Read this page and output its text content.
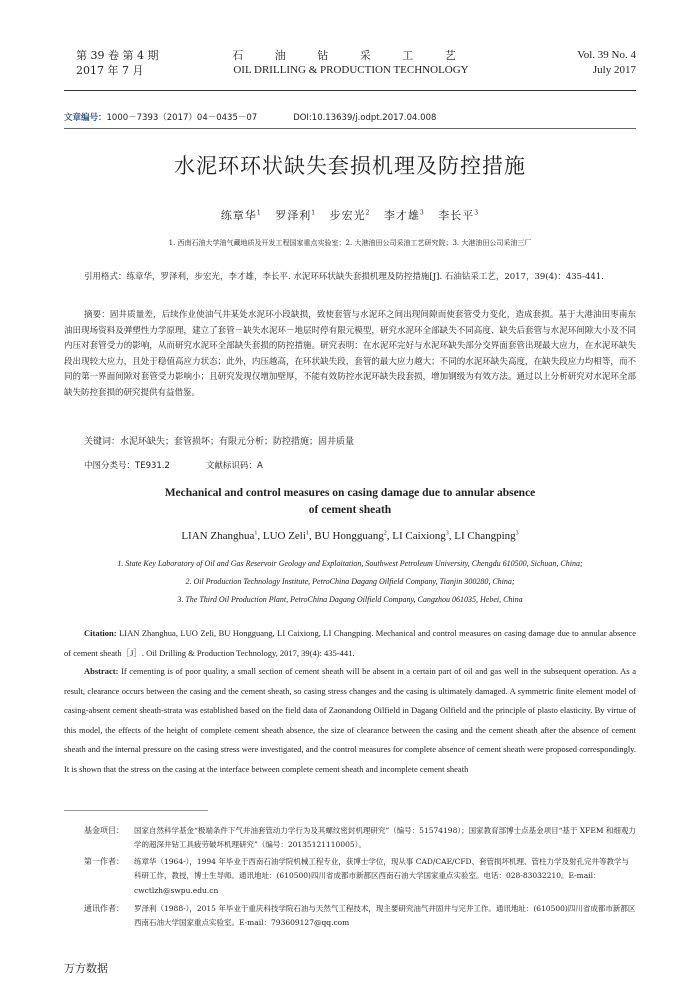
第 39 卷 第 4 期
2017 年 7 月
石 油 钻 采 工 艺
OIL DRILLING & PRODUCTION TECHNOLOGY
Vol. 39 No. 4
July 2017
文章编号：1000－7393（2017）04－0435－07	DOI:10.13639/j.odpt.2017.04.008
水泥环环状缺失套损机理及防控措施
练章华$^1$ 罗泽利$^1$ 步宏光$^2$ 李才雄$^3$ 李长平$^3$
1. 西南石油大学油气藏地质及开发工程国家重点实验室；2. 大港油田公司采油工艺研究院；3. 大港油田公司采油三厂
引用格式：练章华，罗泽利，步宏光，李才雄，李长平. 水泥环环状缺失套损机理及防控措施[J]. 石油钻采工艺，2017，39(4)：435-441.
摘要：固井质量差，后续作业使油气井某处水泥环小段缺损，致使套管与水泥环之间出现间隙而使套管受力变化，造成套损。基于大港油田枣南东油田现场资料及弹塑性力学原理，建立了套管－缺失水泥环－地层时停有限元模型，研究水泥环全部缺失不同高度、缺失后套管与水泥环间隙大小及不同内压对套管受力的影响，从而研究水泥环全部缺失套损的防控措施。研究表明：在水泥环完好与水泥环缺失部分交界面套管出现最大应力，在水泥环缺失段出现较大应力，且处于稳值高应力状态；此外，内压越高，在环状缺失段，套管的最大应力越大；不同的水泥环缺失高度，在缺失段应力均相等，而不同的第一界面间隙对套管受力影响小；且研究发现仅增加壁厚，不能有效防控水泥环缺失段套损，增加钢级为有效方法。通过以上分析研究对水泥环全部缺失防控套损的研究提供有益借鉴。
关键词：水泥环缺失；套管损坏；有限元分析；防控措施；固井质量
中图分类号：TE931.2	文献标识码：A
Mechanical and control measures on casing damage due to annular absence
of cement sheath
LIAN Zhanghua$^1$, LUO Zeli$^1$, BU Hongguang$^2$, LI Caixiong$^3$, LI Changping$^3$
1. State Key Laboratory of Oil and Gas Reservoir Geology and Exploitation, Southwest Petroleum University, Chengdu 610500, Sichuan, China;
2. Oil Production Technology Institute, PetroChina Dagang Oilfield Company, Tianjin 300280, China;
3. The Third Oil Production Plant, PetroChina Dagang Oilfield Company, Cangzhou 061035, Hebei, China
Citation: LIAN Zhanghua, LUO Zeli, BU Hongguang, LI Caixiong, LI Changping. Mechanical and control measures on casing damage due to annular absence of cement sheath［J］. Oil Drilling & Production Technology, 2017, 39(4): 435-441.
Abstract: If cementing is of poor quality, a small section of cement sheath will be absent in a certain part of oil and gas well in the subsequent operation. As a result, clearance occurs between the casing and the cement sheath, so casing stress changes and the casing is ultimately damaged. A symmetric finite element model of casing-absent cement sheath-strata was established based on the field data of Zaonandong Oilfield in Dagang Oilfield and the principle of plasto elasticity. By virtue of this model, the effects of the height of complete cement sheath absence, the size of clearance between the casing and the cement sheath after the absence of cement sheath and the internal pressure on the casing stress were investigated, and the control measures for complete absence of cement sheath were proposed correspondingly. It is shown that the stress on the casing at the interface between complete cement sheath and incomplete cement sheath
基金项目： 国家自然科学基金“极端条件下气井油套管动力学行为及其螺纹密封机理研究”（编号：51574198）；国家教育部博士点基金项目“基于 XFEM 和细观力学的超深井钻工具疲劳破坏机理研究”（编号：20135121110005）。
第一作者： 练章华（1964-），1994 年毕业于西南石油学院机械工程专业，获博士学位，现从事 CAD/CAE/CFD、套管损坏机理、管柱力学及射孔完井等教学与科研工作，教授，博士生导师。通讯地址：(610500)四川省成都市新都区西南石油大学国家重点实验室。电话：028-83032210。E-mail：cwctlzh@swpu.edu.cn
通讯作者： 罗泽利（1988-），2015 年毕业于重庆科技学院石油与天然气工程技术，现主要研究油气井固井与完井工作。通讯地址：(610500)四川省成都市新都区西南石油大学国家重点实验室。E-mail：793609127@qq.com
万方数据
